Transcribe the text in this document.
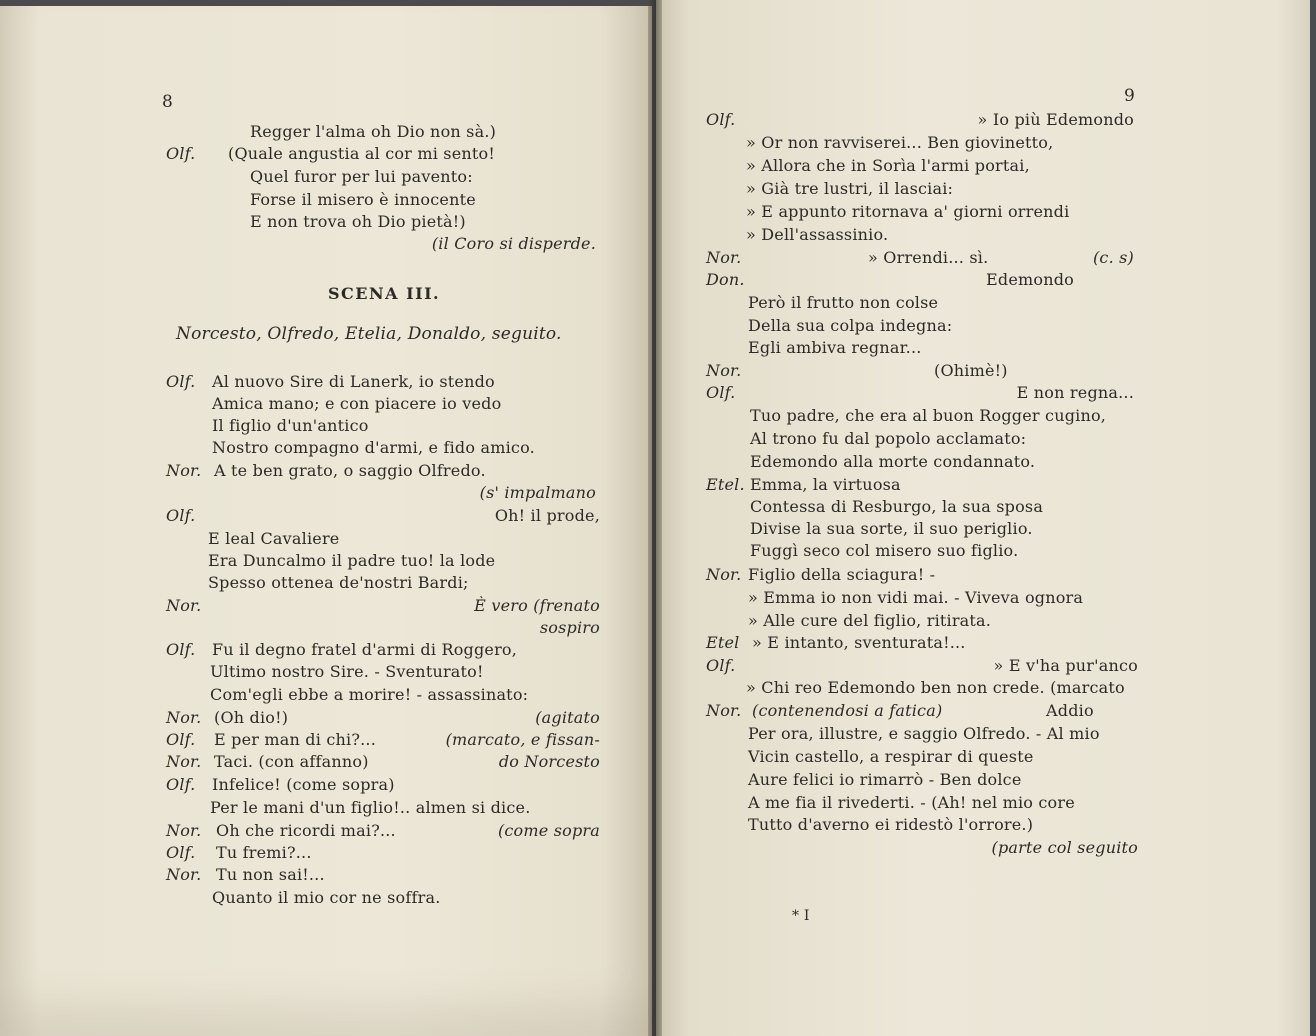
8
Regger l'alma oh Dio non sà.)
Olf. (Quale angustia al cor mi sento!
Quel furor per lui pavento:
Forse il misero è innocente
E non trova oh Dio pietà!)
(il Coro si disperde.
SCENA III.
Norcesto, Olfredo, Etelia, Donaldo, seguito.
Olf. Al nuovo Sire di Lanerk, io stendo
Amica mano; e con piacere io vedo
Il figlio d'un'antico
Nostro compagno d'armi, e fido amico.
Nor. A te ben grato, o saggio Olfredo.
(s' impalmano
Olf.	Oh! il prode,
E leal Cavaliere
Era Duncalmo il padre tuo! la lode
Spesso ottenea de'nostri Bardi;
Nor.	È vero (frenato
sospiro
Olf. Fu il degno fratel d'armi di Roggero,
Ultimo nostro Sire. - Sventurato!
Com'egli ebbe a morire! - assassinato:
Nor. (Oh dio!)	(agitato
Olf. E per man di chi?...	(marcato, e fissan-
Nor. Taci. (con affanno)	do Norcesto
Olf. Infelice! (come sopra)
Per le mani d'un figlio!.. almen si dice.
Nor. Oh che ricordi mai?...	(come sopra
Olf. Tu fremi?...
Nor. Tu non sai!...
Quanto il mio cor ne soffra.
9
Olf.	» Io più Edemondo
» Or non ravviserei... Ben giovinetto,
» Allora che in Sorìa l'armi portai,
» Già tre lustri, il lasciai:
» E appunto ritornava a' giorni orrendi
» Dell'assassinio.
Nor.	» Orrendi... sì.	(c. s)
Don.	Edemondo
Però il frutto non colse
Della sua colpa indegna:
Egli ambiva regnar...
Nor.	(Ohimè!)
Olf.	E non regna...
Tuo padre, che era al buon Rogger cugino,
Al trono fu dal popolo acclamato:
Edemondo alla morte condannato.
Etel. Emma, la virtuosa
Contessa di Resburgo, la sua sposa
Divise la sua sorte, il suo periglio.
Fuggì seco col misero suo figlio.
Nor. Figlio della sciagura! -
» Emma io non vidi mai. - Viveva ognora
» Alle cure del figlio, ritirata.
Etel » E intanto, sventurata!...
Olf.	» E v'ha pur'anco
» Chi reo Edemondo ben non crede. (marcato
Nor. (contenendosi a fatica)	Addio
Per ora, illustre, e saggio Olfredo. - Al mio
Vicin castello, a respirar di queste
Aure felici io rimarrò - Ben dolce
A me fia il rivederti. - (Ah! nel mio core
Tutto d'averno ei ridestò l'orrore.)
(parte col seguito
* I
